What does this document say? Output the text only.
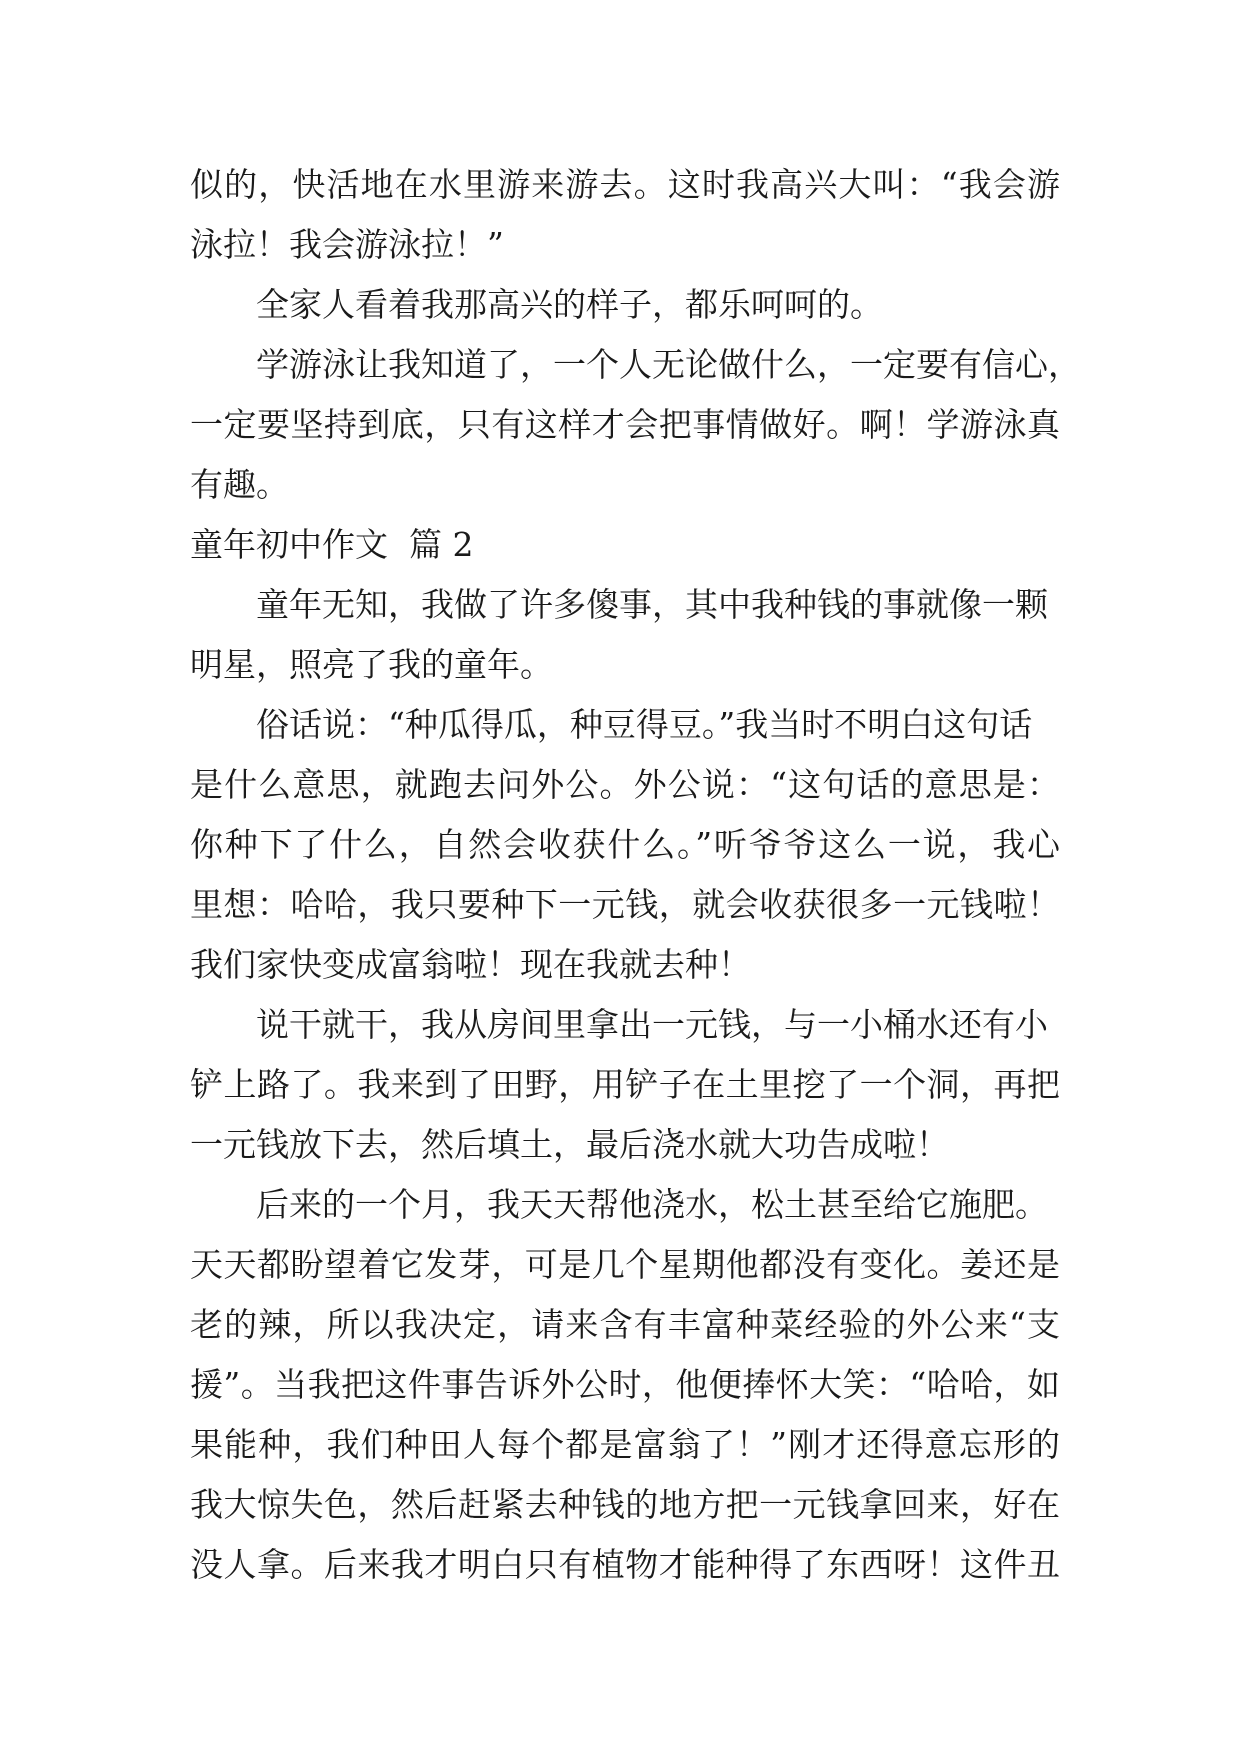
似的，快活地在水里游来游去。这时我高兴大叫：“我会游
泳拉！我会游泳拉！”
全家人看着我那高兴的样子，都乐呵呵的。
学游泳让我知道了，一个人无论做什么，一定要有信心，
一定要坚持到底，只有这样才会把事情做好。啊！学游泳真
有趣。
童年初中作文  篇 2
童年无知，我做了许多傻事，其中我种钱的事就像一颗
明星，照亮了我的童年。
俗话说：“种瓜得瓜，种豆得豆。”我当时不明白这句话
是什么意思，就跑去问外公。外公说：“这句话的意思是：
你种下了什么，自然会收获什么。”听爷爷这么一说，我心
里想：哈哈，我只要种下一元钱，就会收获很多一元钱啦！
我们家快变成富翁啦！现在我就去种！
说干就干，我从房间里拿出一元钱，与一小桶水还有小
铲上路了。我来到了田野，用铲子在土里挖了一个洞，再把
一元钱放下去，然后填土，最后浇水就大功告成啦！
后来的一个月，我天天帮他浇水，松土甚至给它施肥。
天天都盼望着它发芽，可是几个星期他都没有变化。姜还是
老的辣，所以我决定，请来含有丰富种菜经验的外公来“支
援”。当我把这件事告诉外公时，他便捧怀大笑：“哈哈，如
果能种，我们种田人每个都是富翁了！”刚才还得意忘形的
我大惊失色，然后赶紧去种钱的地方把一元钱拿回来，好在
没人拿。后来我才明白只有植物才能种得了东西呀！这件丑
